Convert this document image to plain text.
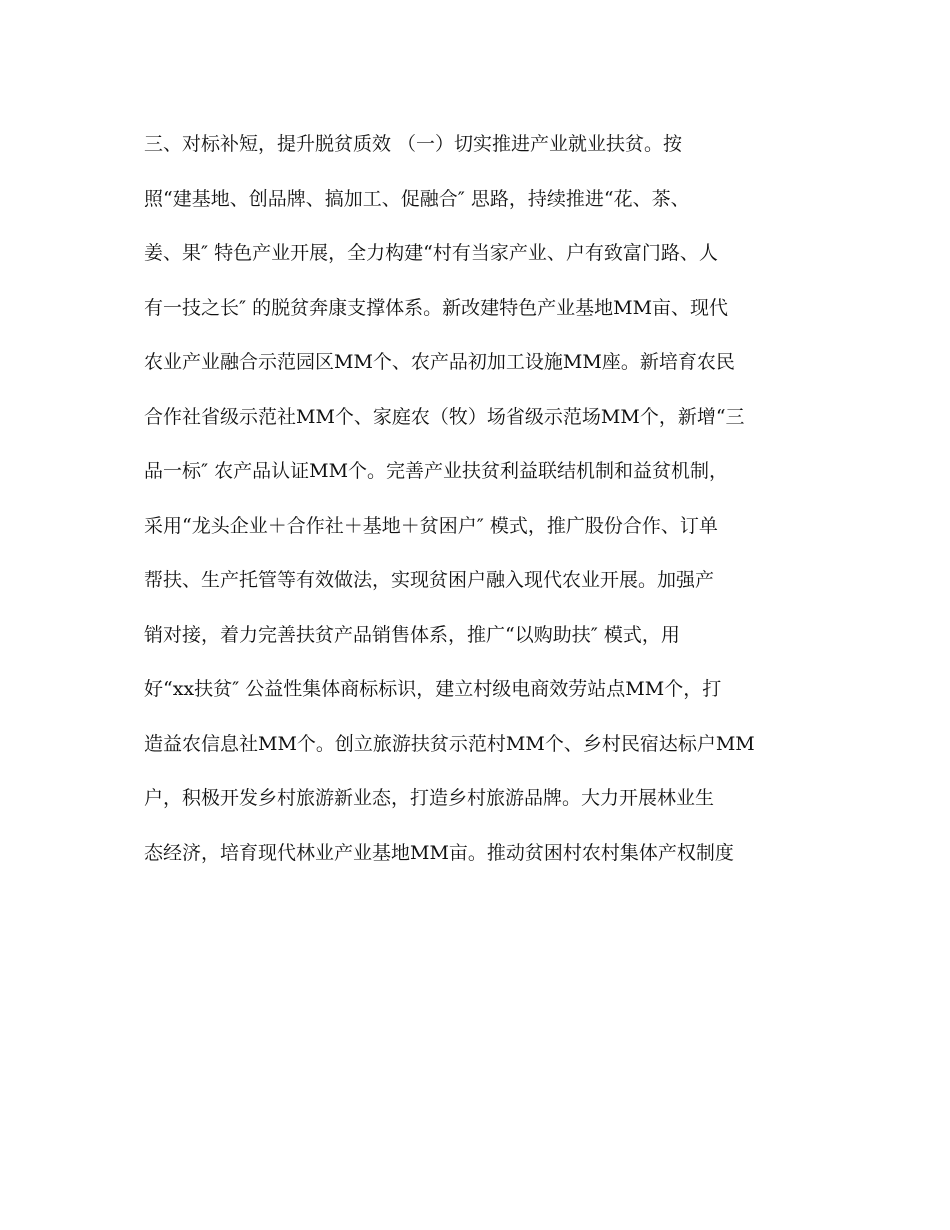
三、对标补短，提升脱贫质效 （一）切实推进产业就业扶贫。按
照“建基地、创品牌、搞加工、促融合″ 思路，持续推进“花、茶、
姜、果″ 特色产业开展，全力构建“村有当家产业、户有致富门路、人
有一技之长″ 的脱贫奔康支撑体系。新改建特色产业基地MM亩、现代
农业产业融合示范园区MM个、农产品初加工设施MM座。新培育农民
合作社省级示范社MM个、家庭农（牧）场省级示范场MM个，新增“三
品一标″ 农产品认证MM个。完善产业扶贫利益联结机制和益贫机制，
采用“龙头企业＋合作社＋基地＋贫困户″ 模式，推广股份合作、订单
帮扶、生产托管等有效做法，实现贫困户融入现代农业开展。加强产
销对接，着力完善扶贫产品销售体系，推广“以购助扶″ 模式，用
好“xx扶贫″ 公益性集体商标标识，建立村级电商效劳站点MM个，打
造益农信息社MM个。创立旅游扶贫示范村MM个、乡村民宿达标户MM
户，积极开发乡村旅游新业态，打造乡村旅游品牌。大力开展林业生
态经济，培育现代林业产业基地MM亩。推动贫困村农村集体产权制度
